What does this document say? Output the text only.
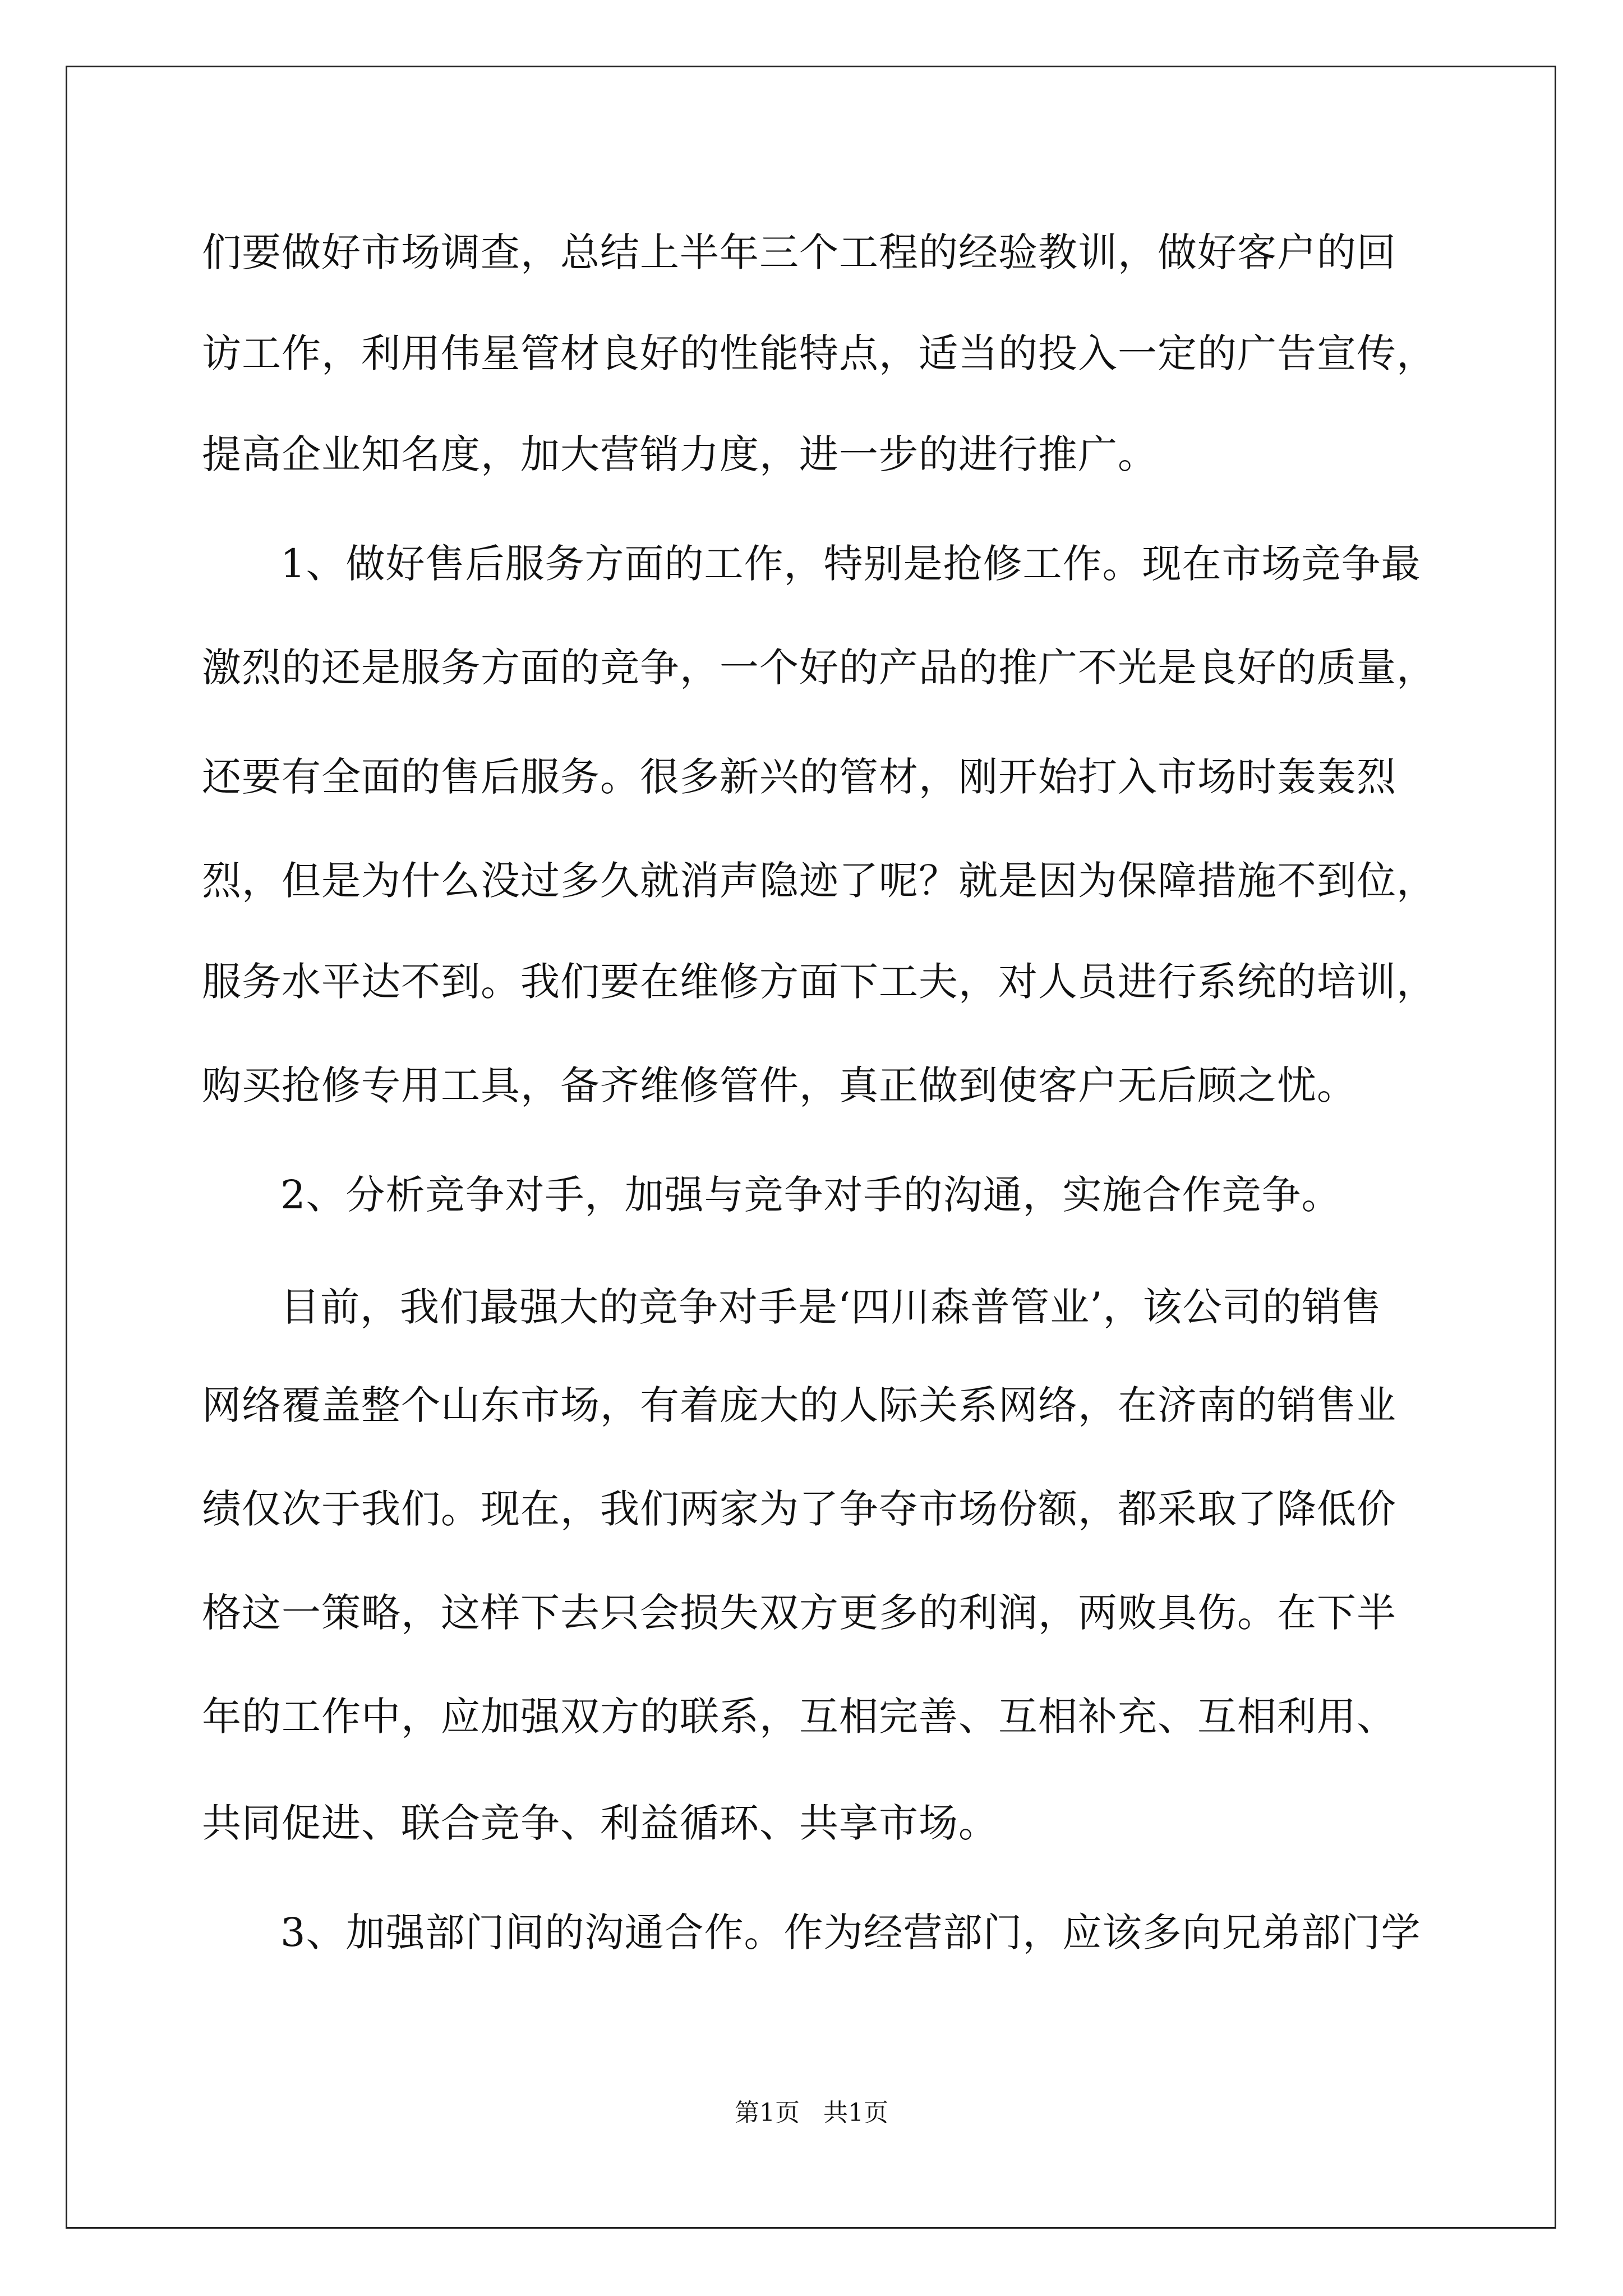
们要做好市场调查，总结上半年三个工程的经验教训，做好客户的回
访工作，利用伟星管材良好的性能特点，适当的投入一定的广告宣传，
提高企业知名度，加大营销力度，进一步的进行推广。
1、做好售后服务方面的工作，特别是抢修工作。现在市场竞争最
激烈的还是服务方面的竞争，一个好的产品的推广不光是良好的质量，
还要有全面的售后服务。很多新兴的管材，刚开始打入市场时轰轰烈
烈，但是为什么没过多久就消声隐迹了呢？就是因为保障措施不到位，
服务水平达不到。我们要在维修方面下工夫，对人员进行系统的培训，
购买抢修专用工具，备齐维修管件，真正做到使客户无后顾之忧。
2、分析竞争对手，加强与竞争对手的沟通，实施合作竞争。
目前，我们最强大的竞争对手是‘四川森普管业’，该公司的销售
网络覆盖整个山东市场，有着庞大的人际关系网络，在济南的销售业
绩仅次于我们。现在，我们两家为了争夺市场份额，都采取了降低价
格这一策略，这样下去只会损失双方更多的利润，两败具伤。在下半
年的工作中，应加强双方的联系，互相完善、互相补充、互相利用、
共同促进、联合竞争、利益循环、共享市场。
3、加强部门间的沟通合作。作为经营部门，应该多向兄弟部门学
第1页   共1页
